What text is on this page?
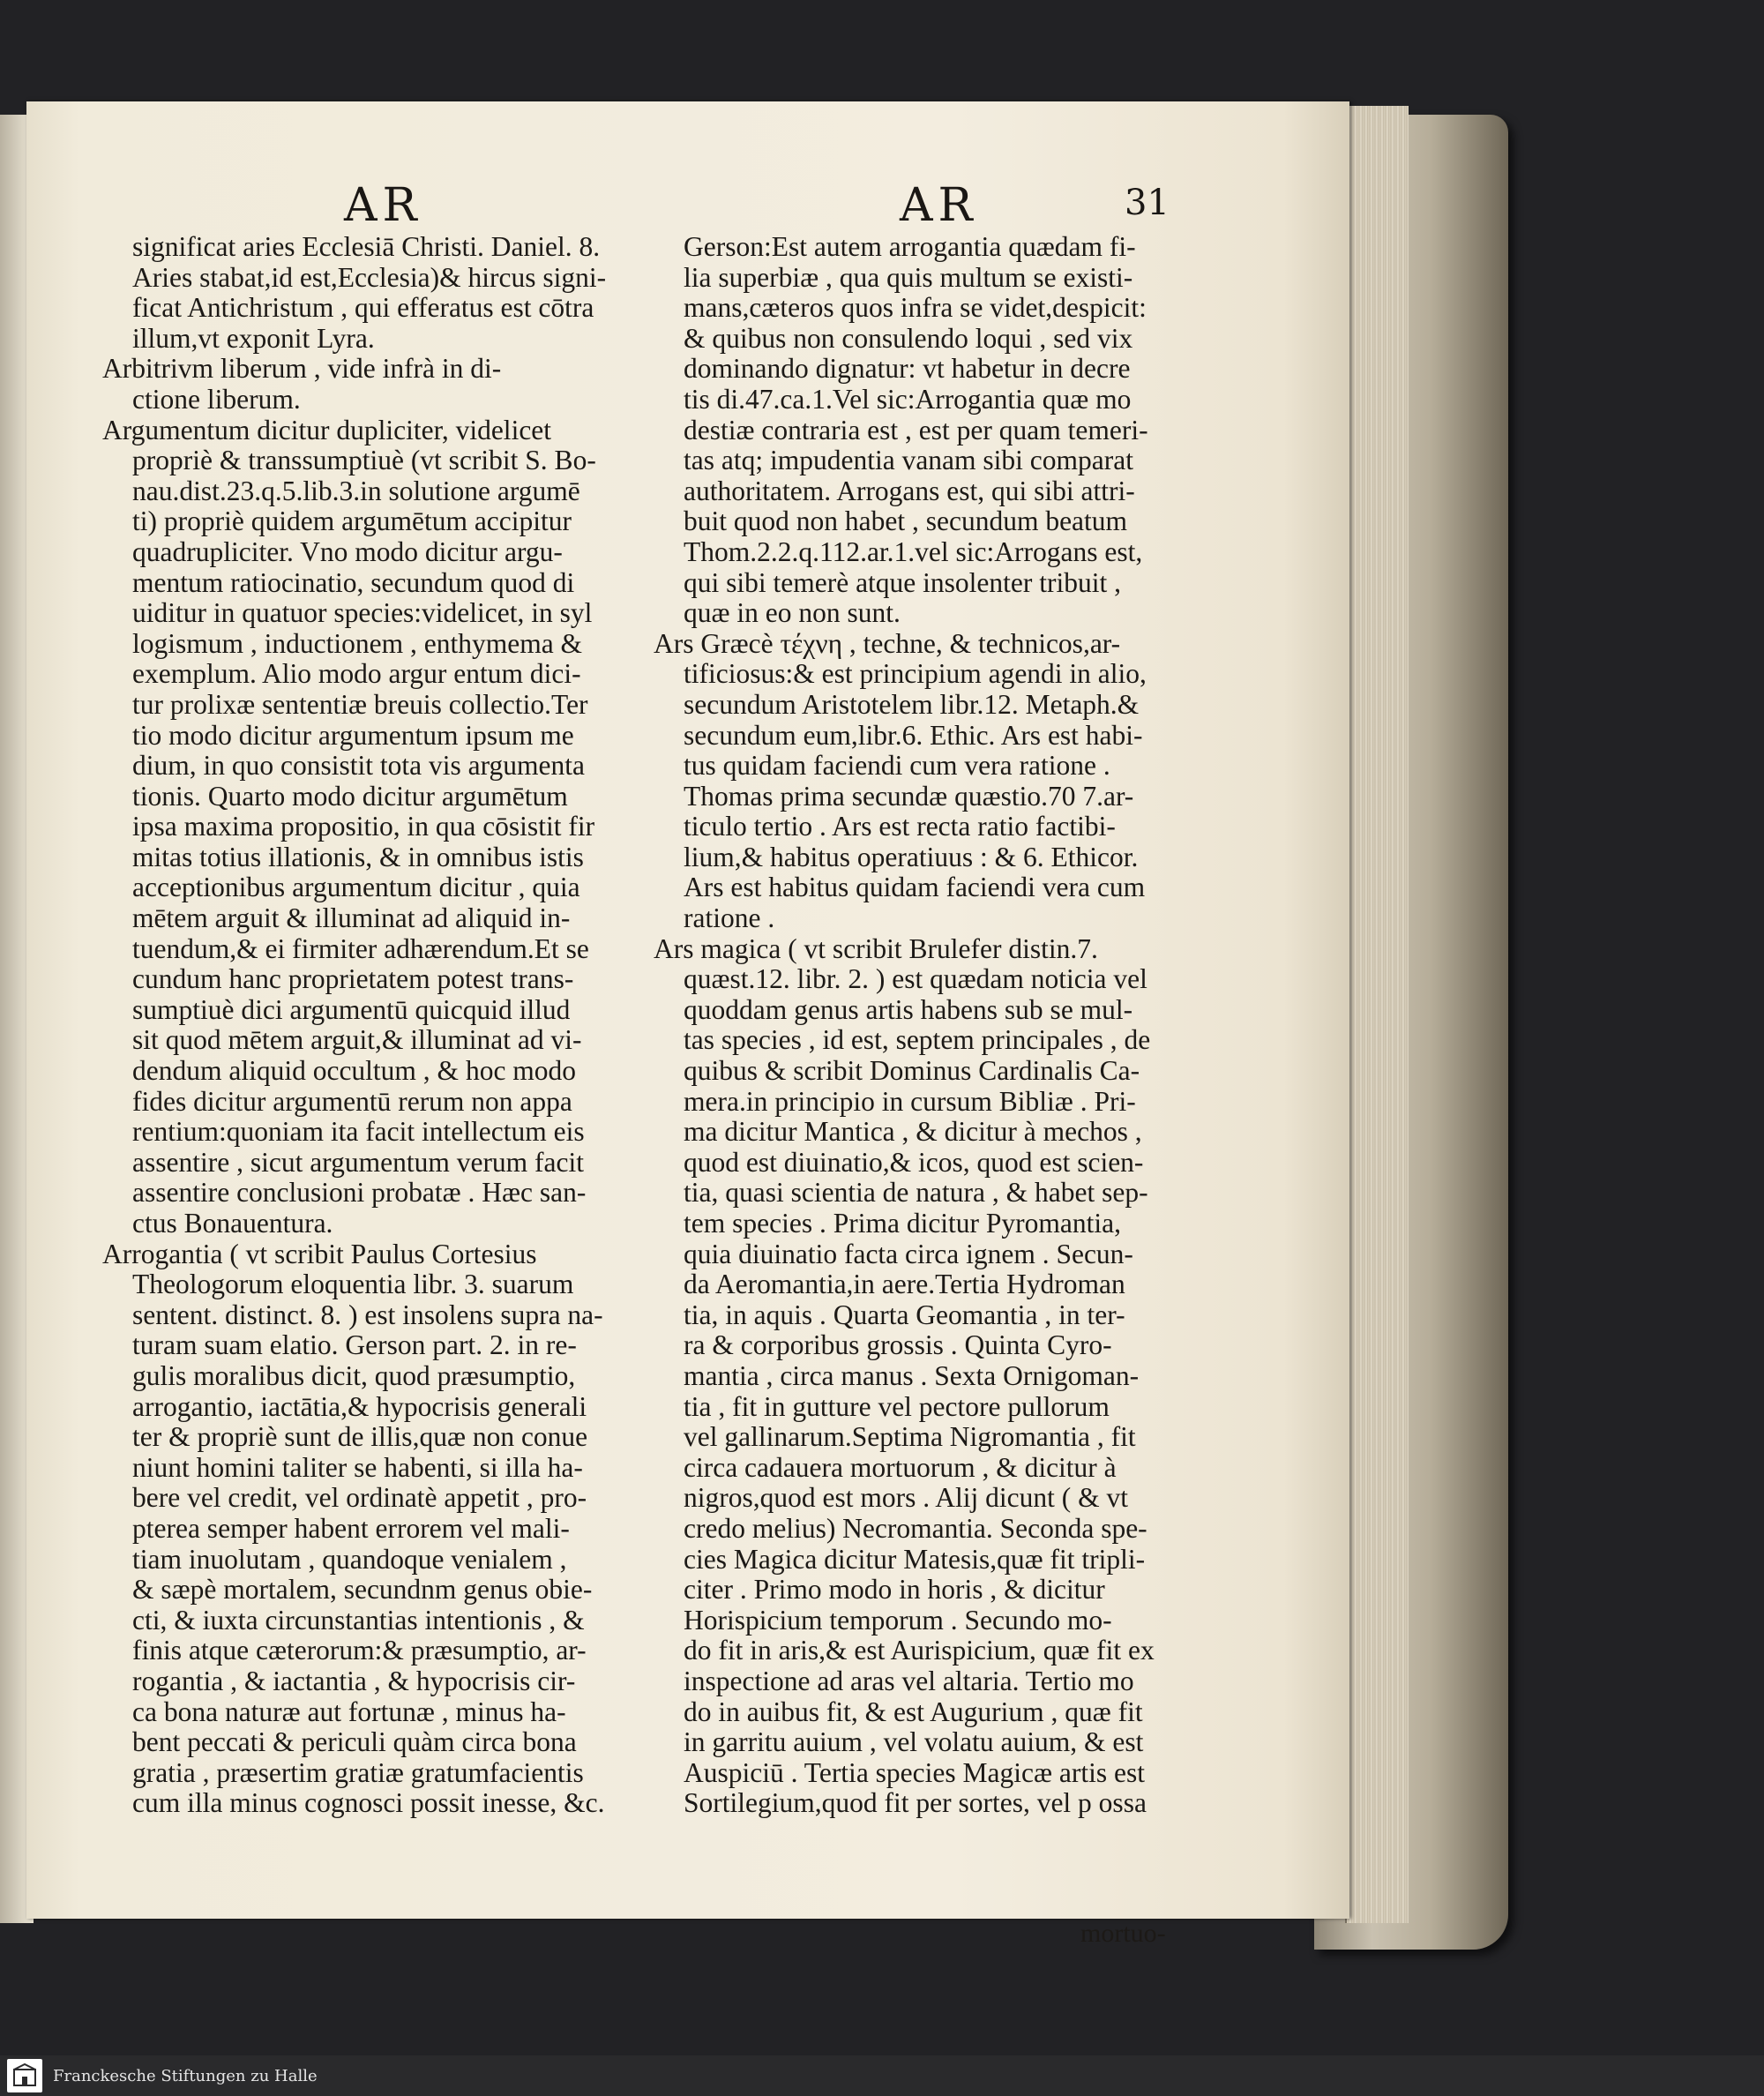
AR	AR	31

significat aries Ecclesiā Christi. Daniel. 8.

Aries stabat,id est,Ecclesia)& hircus signi-

ficat Antichristum , qui efferatus est cōtra

illum,vt exponit Lyra.

Arbitrivm liberum , vide infrà in di-

ctione liberum.

Argumentum dicitur dupliciter, videlicet

propriè & transsumptiuè (vt scribit S. Bo-

nau.dist.23.q.5.lib.3.in solutione argumē

ti) propriè quidem argumētum accipitur

quadrupliciter. Vno modo dicitur argu-

mentum ratiocinatio, secundum quod di

uiditur in quatuor species:videlicet, in syl

logismum , inductionem , enthymema &

exemplum. Alio modo argur entum dici-

tur prolixæ sententiæ breuis collectio.Ter

tio modo dicitur argumentum ipsum me

dium, in quo consistit tota vis argumenta

tionis. Quarto modo dicitur argumētum

ipsa maxima propositio, in qua cōsistit fir

mitas totius illationis, & in omnibus istis

acceptionibus argumentum dicitur , quia

mētem arguit & illuminat ad aliquid in-

tuendum,& ei firmiter adhærendum.Et se

cundum hanc proprietatem potest trans-

sumptiuè dici argumentū quicquid illud

sit quod mētem arguit,& illuminat ad vi-

dendum aliquid occultum , & hoc modo

fides dicitur argumentū rerum non appa

rentium:quoniam ita facit intellectum eis

assentire , sicut argumentum verum facit

assentire conclusioni probatæ . Hæc san-

ctus Bonauentura.

Arrogantia ( vt scribit Paulus Cortesius

Theologorum eloquentia libr. 3. suarum

sentent. distinct. 8. ) est insolens supra na-

turam suam elatio. Gerson part. 2. in re-

gulis moralibus dicit, quod præsumptio,

arrogantio, iactātia,& hypocrisis generali

ter & propriè sunt de illis,quæ non conue

niunt homini taliter se habenti, si illa ha-

bere vel credit, vel ordinatè appetit , pro-

pterea semper habent errorem vel mali-

tiam inuolutam , quandoque venialem ,

& sæpè mortalem, secundnm genus obie-

cti, & iuxta circunstantias intentionis , &

finis atque cæterorum:& præsumptio, ar-

rogantia , & iactantia , & hypocrisis cir-

ca bona naturæ aut fortunæ , minus ha-

bent peccati & periculi quàm circa bona

gratia , præsertim gratiæ gratumfacientis

cum illa minus cognosci possit inesse, &c.

Gerson:Est autem arrogantia quædam fi-

lia superbiæ , qua quis multum se existi-

mans,cæteros quos infra se videt,despicit:

& quibus non consulendo loqui , sed vix

dominando dignatur: vt habetur in decre

tis di.47.ca.1.Vel sic:Arrogantia quæ mo

destiæ contraria est , est per quam temeri-

tas atq; impudentia vanam sibi comparat

authoritatem. Arrogans est, qui sibi attri-

buit quod non habet , secundum beatum

Thom.2.2.q.112.ar.1.vel sic:Arrogans est,

qui sibi temerè atque insolenter tribuit ,

quæ in eo non sunt.

Ars Græcè τέχνη , techne, & technicos,ar-

tificiosus:& est principium agendi in alio,

secundum Aristotelem libr.12. Metaph.&

secundum eum,libr.6. Ethic. Ars est habi-

tus quidam faciendi cum vera ratione .

Thomas prima secundæ quæstio.70 7.ar-

ticulo tertio . Ars est recta ratio factibi-

lium,& habitus operatiuus : & 6. Ethicor.

Ars est habitus quidam faciendi vera cum

ratione .

Ars magica ( vt scribit Brulefer distin.7.

quæst.12. libr. 2. ) est quædam noticia vel

quoddam genus artis habens sub se mul-

tas species , id est, septem principales , de

quibus & scribit Dominus Cardinalis Ca-

mera.in principio in cursum Bibliæ . Pri-

ma dicitur Mantica , & dicitur à mechos ,

quod est diuinatio,& icos, quod est scien-

tia, quasi scientia de natura , & habet sep-

tem species . Prima dicitur Pyromantia,

quia diuinatio facta circa ignem . Secun-

da Aeromantia,in aere.Tertia Hydroman

tia, in aquis . Quarta Geomantia , in ter-

ra & corporibus grossis . Quinta Cyro-

mantia , circa manus . Sexta Ornigoman-

tia , fit in gutture vel pectore pullorum

vel gallinarum.Septima Nigromantia , fit

circa cadauera mortuorum , & dicitur à

nigros,quod est mors . Alij dicunt ( & vt

credo melius) Necromantia. Seconda spe-

cies Magica dicitur Matesis,quæ fit tripli-

citer . Primo modo in horis , & dicitur

Horispicium temporum . Secundo mo-

do fit in aris,& est Aurispicium, quæ fit ex

inspectione ad aras vel altaria. Tertio mo

do in auibus fit, & est Augurium , quæ fit

in garritu auium , vel volatu auium, & est

Auspiciū . Tertia species Magicæ artis est

Sortilegium,quod fit per sortes, vel p ossa

mortuo-
Franckesche Stiftungen zu Halle
